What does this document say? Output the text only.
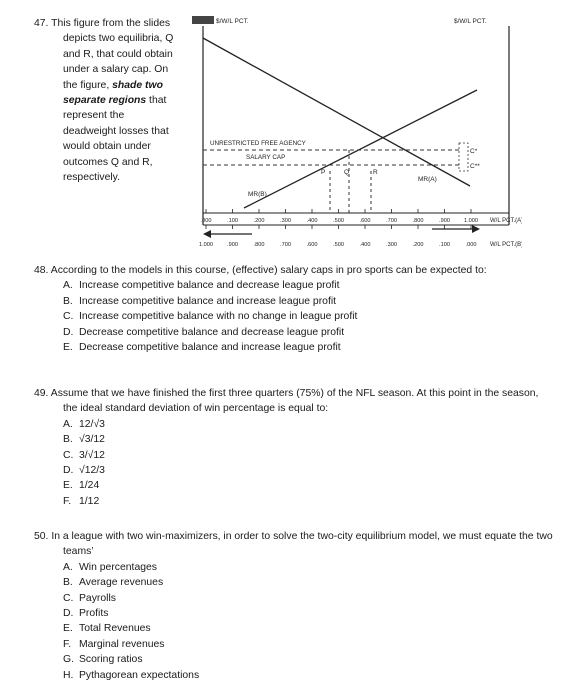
47. This figure from the slides depicts two equilibria, Q and R, that could obtain under a salary cap. On the figure, shade two separate regions that represent the deadweight losses that would obtain under outcomes Q and R, respectively.

$/W/L PCT.	$/W/L PCT.
C*
C**
UNRESTRICTED FREE AGENCY
SALARY CAP
P	Q	R
MR(A)
MR(B)
.000	.100	.200	.300	.400	.500	.600	.700	.800	.900	1.000
1.000	.900	.800	.700	.600	.500	.400	.300	.200	.100	.000
W/L PCT.(A)
W/L PCT.(B)

48. According to the models in this course, (effective) salary caps in pro sports can be expected to:

A. Increase competitive balance and decrease league profit
B. Increase competitive balance and increase league profit
C. Increase competitive balance with no change in league profit
D. Decrease competitive balance and decrease league profit
E. Decrease competitive balance and increase league profit

49. Assume that we have finished the first three quarters (75%) of the NFL season. At this point in the season, the ideal standard deviation of win percentage is equal to:

A. 12/√3
B. √3/12
C. 3/√12
D. √12/3
E. 1/24
F. 1/12

50. In a league with two win-maximizers, in order to solve the two-city equilibrium model, we must equate the two teams’

A. Win percentages
B. Average revenues
C. Payrolls
D. Profits
E. Total Revenues
F. Marginal revenues
G. Scoring ratios
H. Pythagorean expectations
